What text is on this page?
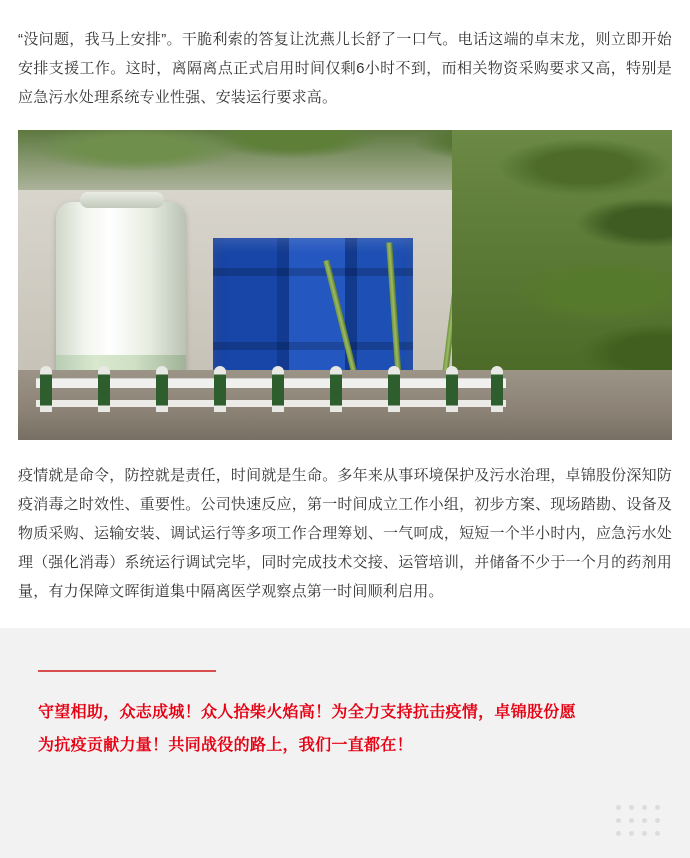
“没问题，我马上安排”。干脆利索的答复让沈燕儿长舒了一口气。电话这端的卓末龙，则立即开始安排支援工作。这时，离隔离点正式启用时间仅剩6小时不到，而相关物资采购要求又高，特别是应急污水处理系统专业性强、安装运行要求高。

疫情就是命令，防控就是责任，时间就是生命。多年来从事环境保护及污水治理，卓锦股份深知防疫消毒之时效性、重要性。公司快速反应，第一时间成立工作小组，初步方案、现场踏勘、设备及物质采购、运输安装、调试运行等多项工作合理筹划、一气呵成，短短一个半小时内，应急污水处理（强化消毒）系统运行调试完毕，同时完成技术交接、运管培训，并储备不少于一个月的药剂用量，有力保障文晖街道集中隔离医学观察点第一时间顺利启用。

守望相助，众志成城！众人拾柴火焰高！为全力支持抗击疫情，卓锦股份愿
为抗疫贡献力量！共同战役的路上，我们一直都在！
